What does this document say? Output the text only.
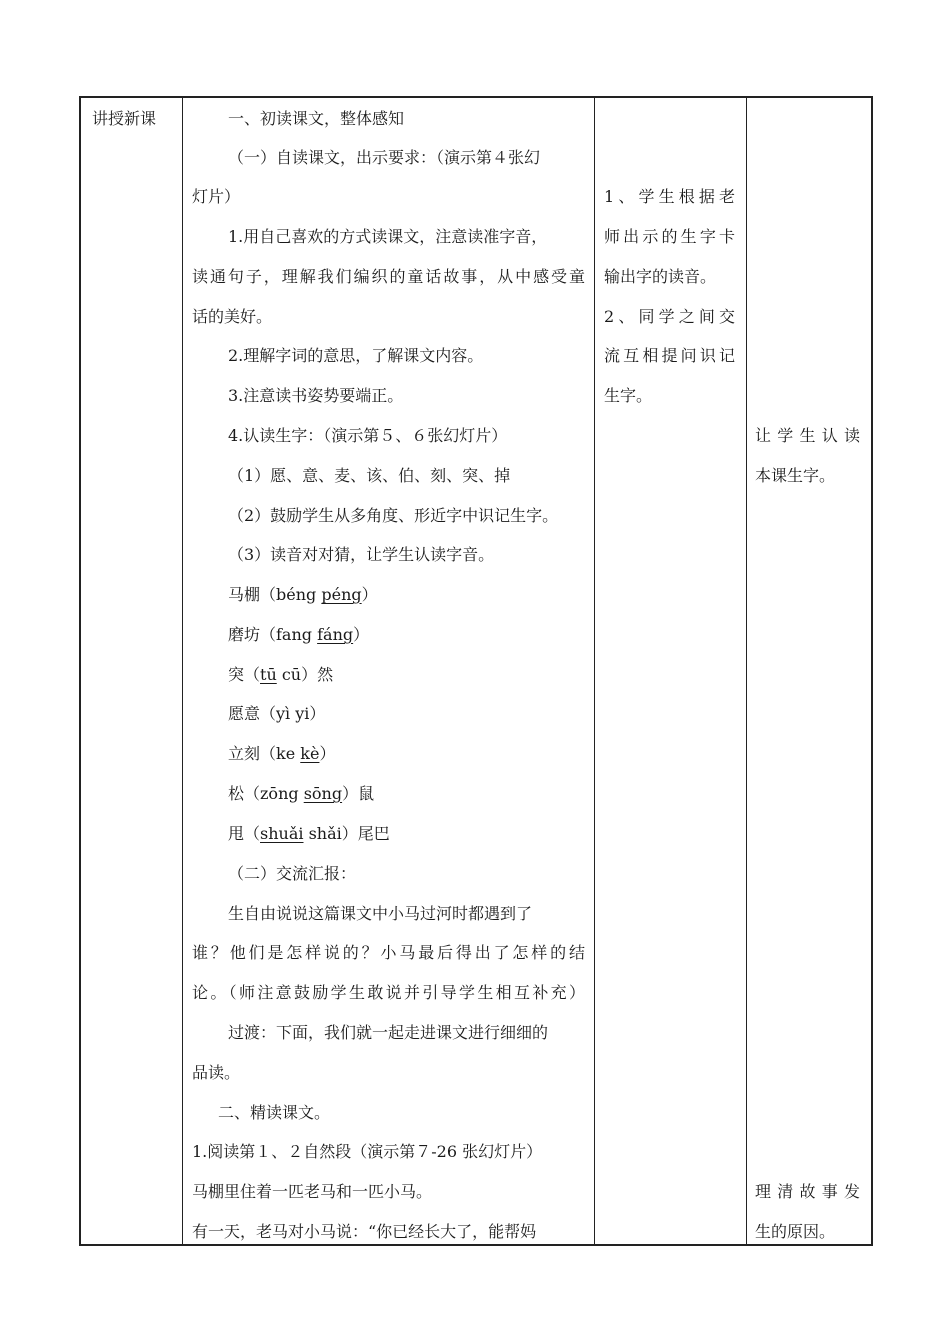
讲授新课	一、初读课文，整体感知
（一）自读课文，出示要求：（演示第４张幻
灯片）
1.用自己喜欢的方式读课文，注意读准字音，
读通句子，理解我们编织的童话故事，从中感受童
话的美好。
2.理解字词的意思，了解课文内容。
3.注意读书姿势要端正。
4.认读生字：（演示第５、６张幻灯片）
（1）愿、意、麦、该、伯、刻、突、掉
（2）鼓励学生从多角度、形近字中识记生字。
（3）读音对对猜，让学生认读字音。
马棚（béng péng）
磨坊（fang fáng）
突（tū cū）然
愿意（yì yi）
立刻（ke kè）
松（zōng sōng）鼠
甩（shuǎi shǎi）尾巴
（二）交流汇报：
生自由说说这篇课文中小马过河时都遇到了
谁？他们是怎样说的？小马最后得出了怎样的结
论。（师注意鼓励学生敢说并引导学生相互补充）
过渡：下面，我们就一起走进课文进行细细的
品读。
二、精读课文。
1.阅读第１、２自然段（演示第７-26 张幻灯片）
马棚里住着一匹老马和一匹小马。
有一天，老马对小马说：“你已经长大了，能帮妈
1、学生根据老
师出示的生字卡
输出字的读音。
2、同学之间交
流互相提问识记
生字。
让学生认读
本课生字。
理清故事发
生的原因。
